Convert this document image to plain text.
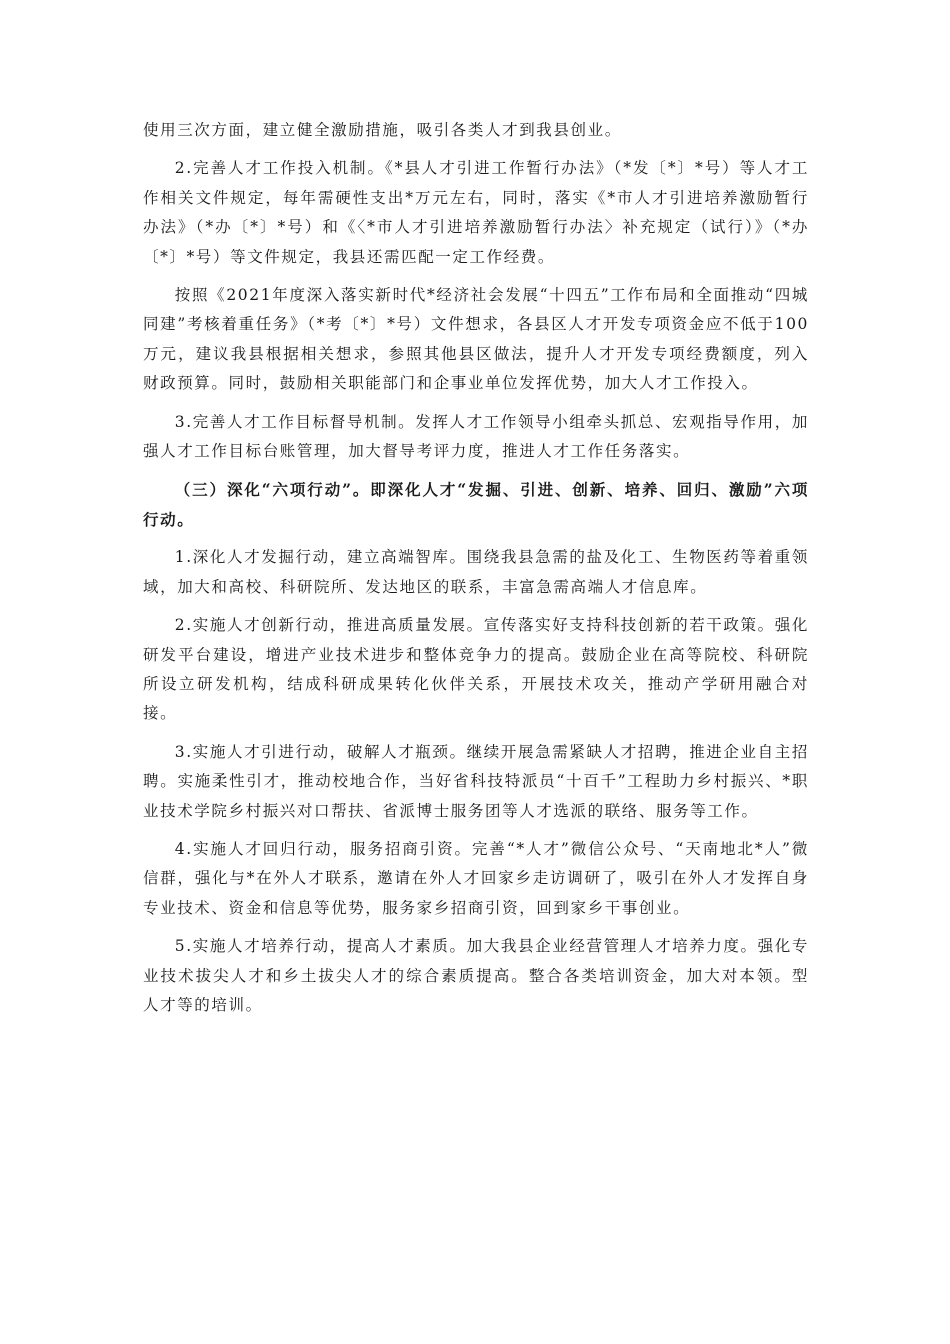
使用三次方面，建立健全激励措施，吸引各类人才到我县创业。

2.完善人才工作投入机制。《*县人才引进工作暂行办法》（*发〔*〕*号）等人才工作相关文件规定，每年需硬性支出*万元左右，同时，落实《*市人才引进培养激励暂行办法》（*办〔*〕*号）和《〈*市人才引进培养激励暂行办法〉补充规定（试行）》（*办〔*〕*号）等文件规定，我县还需匹配一定工作经费。

按照《2021年度深入落实新时代*经济社会发展“十四五”工作布局和全面推动“四城同建”考核着重任务》（*考〔*〕*号）文件想求，各县区人才开发专项资金应不低于100万元，建议我县根据相关想求，参照其他县区做法，提升人才开发专项经费额度，列入财政预算。同时，鼓励相关职能部门和企事业单位发挥优势，加大人才工作投入。

3.完善人才工作目标督导机制。发挥人才工作领导小组牵头抓总、宏观指导作用，加强人才工作目标台账管理，加大督导考评力度，推进人才工作任务落实。

（三）深化“六项行动”。即深化人才“发掘、引进、创新、培养、回归、激励”六项行动。

1.深化人才发掘行动，建立高端智库。围绕我县急需的盐及化工、生物医药等着重领域，加大和高校、科研院所、发达地区的联系，丰富急需高端人才信息库。

2.实施人才创新行动，推进高质量发展。宣传落实好支持科技创新的若干政策。强化研发平台建设，增进产业技术进步和整体竞争力的提高。鼓励企业在高等院校、科研院所设立研发机构，结成科研成果转化伙伴关系，开展技术攻关，推动产学研用融合对接。

3.实施人才引进行动，破解人才瓶颈。继续开展急需紧缺人才招聘，推进企业自主招聘。实施柔性引才，推动校地合作，当好省科技特派员“十百千”工程助力乡村振兴、*职业技术学院乡村振兴对口帮扶、省派博士服务团等人才选派的联络、服务等工作。

4.实施人才回归行动，服务招商引资。完善“*人才”微信公众号、“天南地北*人”微信群，强化与*在外人才联系，邀请在外人才回家乡走访调研了，吸引在外人才发挥自身专业技术、资金和信息等优势，服务家乡招商引资，回到家乡干事创业。

5.实施人才培养行动，提高人才素质。加大我县企业经营管理人才培养力度。强化专业技术拔尖人才和乡土拔尖人才的综合素质提高。整合各类培训资金，加大对本领。型人才等的培训。
